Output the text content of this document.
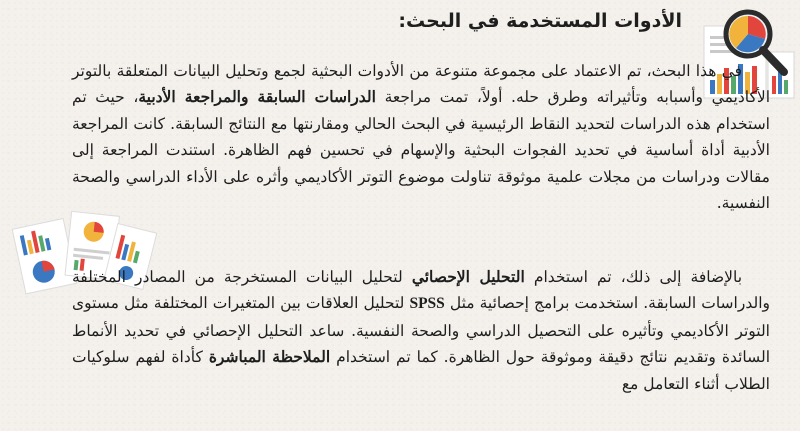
الأدوات المستخدمة في البحث:

في هذا البحث، تم الاعتماد على مجموعة متنوعة من الأدوات البحثية لجمع وتحليل البيانات المتعلقة بالتوتر الأكاديمي وأسبابه وتأثيراته وطرق حله. أولاً، تمت مراجعة الدراسات السابقة والمراجعة الأدبية، حيث تم استخدام هذه الدراسات لتحديد النقاط الرئيسية في البحث الحالي ومقارنتها مع النتائج السابقة. كانت المراجعة الأدبية أداة أساسية في تحديد الفجوات البحثية والإسهام في تحسين فهم الظاهرة. استندت المراجعة إلى مقالات ودراسات من مجلات علمية موثوقة تناولت موضوع التوتر الأكاديمي وأثره على الأداء الدراسي والصحة النفسية.

بالإضافة إلى ذلك، تم استخدام التحليل الإحصائي لتحليل البيانات المستخرجة من المصادر المختلفة والدراسات السابقة. استخدمت برامج إحصائية مثل SPSS لتحليل العلاقات بين المتغيرات المختلفة مثل مستوى التوتر الأكاديمي وتأثيره على التحصيل الدراسي والصحة النفسية. ساعد التحليل الإحصائي في تحديد الأنماط السائدة وتقديم نتائج دقيقة وموثوقة حول الظاهرة. كما تم استخدام الملاحظة المباشرة كأداة لفهم سلوكيات الطلاب أثناء التعامل مع
